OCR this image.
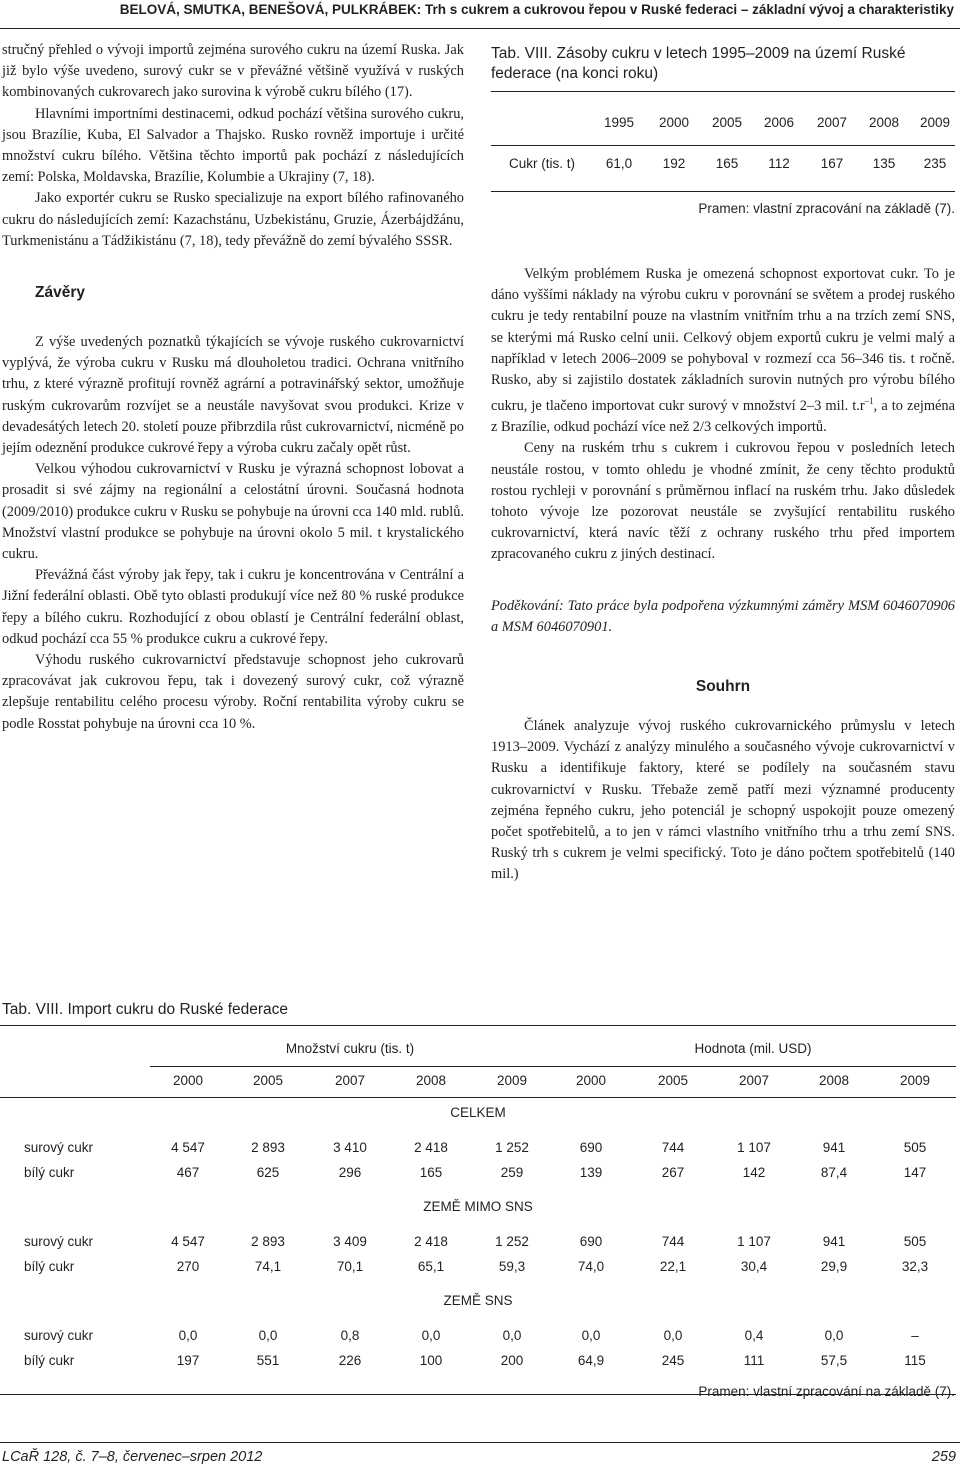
BELOVÁ, SMUTKA, BENEŠOVÁ, PULKRÁBEK: Trh s cukrem a cukrovou řepou v Ruské federaci – základní vývoj a charakteristiky

stručný přehled o vývoji importů zejména surového cukru na území Ruska. Jak již bylo výše uvedeno, surový cukr se v převážné většině využívá v ruských kombinovaných cukrovarech jako surovina k výrobě cukru bílého (17).

Hlavními importními destinacemi, odkud pochází většina surového cukru, jsou Brazílie, Kuba, El Salvador a Thajsko. Rusko rovněž importuje i určité množství cukru bílého. Většina těchto importů pak pochází z následujících zemí: Polska, Moldavska, Brazílie, Kolumbie a Ukrajiny (7, 18).

Jako exportér cukru se Rusko specializuje na export bílého rafinovaného cukru do následujících zemí: Kazachstánu, Uzbekistánu, Gruzie, Ázerbájdžánu, Turkmenistánu a Tádžikistánu (7, 18), tedy převážně do zemí bývalého SSSR.

Závěry

Z výše uvedených poznatků týkajících se vývoje ruského cukrovarnictví vyplývá, že výroba cukru v Rusku má dlouholetou tradici. Ochrana vnitřního trhu, z které výrazně profitují rovněž agrární a potravinářský sektor, umožňuje ruským cukrovarům rozvíjet se a neustále navyšovat svou produkci. Krize v devadesátých letech 20. století pouze přibrzdila růst cukrovarnictví, nicméně po jejím odeznění produkce cukrové řepy a výroba cukru začaly opět růst.

Velkou výhodou cukrovarnictví v Rusku je výrazná schopnost lobovat a prosadit si své zájmy na regionální a celostátní úrovni. Současná hodnota (2009/2010) produkce cukru v Rusku se pohybuje na úrovni cca 140 mld. rublů. Množství vlastní produkce se pohybuje na úrovni okolo 5 mil. t krystalického cukru.

Převážná část výroby jak řepy, tak i cukru je koncentrována v Centrální a Jižní federální oblasti. Obě tyto oblasti produkují více než 80 % ruské produkce řepy a bílého cukru. Rozhodující z obou oblastí je Centrální federální oblast, odkud pochází cca 55 % produkce cukru a cukrové řepy.

Výhodu ruského cukrovarnictví představuje schopnost jeho cukrovarů zpracovávat jak cukrovou řepu, tak i dovezený surový cukr, což výrazně zlepšuje rentabilitu celého procesu výroby. Roční rentabilita výroby cukru se podle Rosstat pohybuje na úrovni cca 10 %.

Tab. VIII. Zásoby cukru v letech 1995–2009 na území Ruské federace (na konci roku)
1995	2000	2005	2006	2007	2008	2009
Cukr (tis. t)	61,0	192	165	112	167	135	235
Pramen: vlastní zpracování na základě (7).

Velkým problémem Ruska je omezená schopnost exportovat cukr. To je dáno vyššími náklady na výrobu cukru v porovnání se světem a prodej ruského cukru je tedy rentabilní pouze na vlastním vnitřním trhu a na trzích zemí SNS, se kterými má Rusko celní unii. Celkový objem exportů cukru je velmi malý a například v letech 2006–2009 se pohyboval v rozmezí cca 56–346 tis. t ročně. Rusko, aby si zajistilo dostatek základních surovin nutných pro výrobu bílého cukru, je tlačeno importovat cukr surový v množství 2–3 mil. $t.r^{-1}$, a to zejména z Brazílie, odkud pochází více než 2/3 celkových importů.

Ceny na ruském trhu s cukrem i cukrovou řepou v posledních letech neustále rostou, v tomto ohledu je vhodné zmínit, že ceny těchto produktů rostou rychleji v porovnání s průměrnou inflací na ruském trhu. Jako důsledek tohoto vývoje lze pozorovat neustále se zvyšující rentabilitu ruského cukrovarnictví, která navíc těží z ochrany ruského trhu před importem zpracovaného cukru z jiných destinací.

Poděkování: Tato práce byla podpořena výzkumnými záměry MSM 6046070906 a MSM 6046070901.

Souhrn

Článek analyzuje vývoj ruského cukrovarnického průmyslu v letech 1913–2009. Vychází z analýzy minulého a současného vývoje cukrovarnictví v Rusku a identifikuje faktory, které se podílely na současném stavu cukrovarnictví v Rusku. Třebaže země patří mezi významné producenty zejména řepného cukru, jeho potenciál je schopný uspokojit pouze omezený počet spotřebitelů, a to jen v rámci vlastního vnitřního trhu a trhu zemí SNS. Ruský trh s cukrem je velmi specifický. Toto je dáno počtem spotřebitelů (140 mil.)

Tab. VIII. Import cukru do Ruské federace
Množství cukru (tis. t)	Hodnota (mil. USD)
2000	2005	2007	2008	2009	2000	2005	2007	2008	2009
CELKEM
surový cukr	4 547	2 893	3 410	2 418	1 252	690	744	1 107	941	505
bílý cukr	467	625	296	165	259	139	267	142	87,4	147
ZEMĚ MIMO SNS
surový cukr	4 547	2 893	3 409	2 418	1 252	690	744	1 107	941	505
bílý cukr	270	74,1	70,1	65,1	59,3	74,0	22,1	30,4	29,9	32,3
ZEMĚ SNS
surový cukr	0,0	0,0	0,8	0,0	0,0	0,0	0,0	0,4	0,0	–
bílý cukr	197	551	226	100	200	64,9	245	111	57,5	115
Pramen: vlastní zpracování na základě (7).
LCaŘ 128, č. 7–8, červenec–srpen 2012	259
